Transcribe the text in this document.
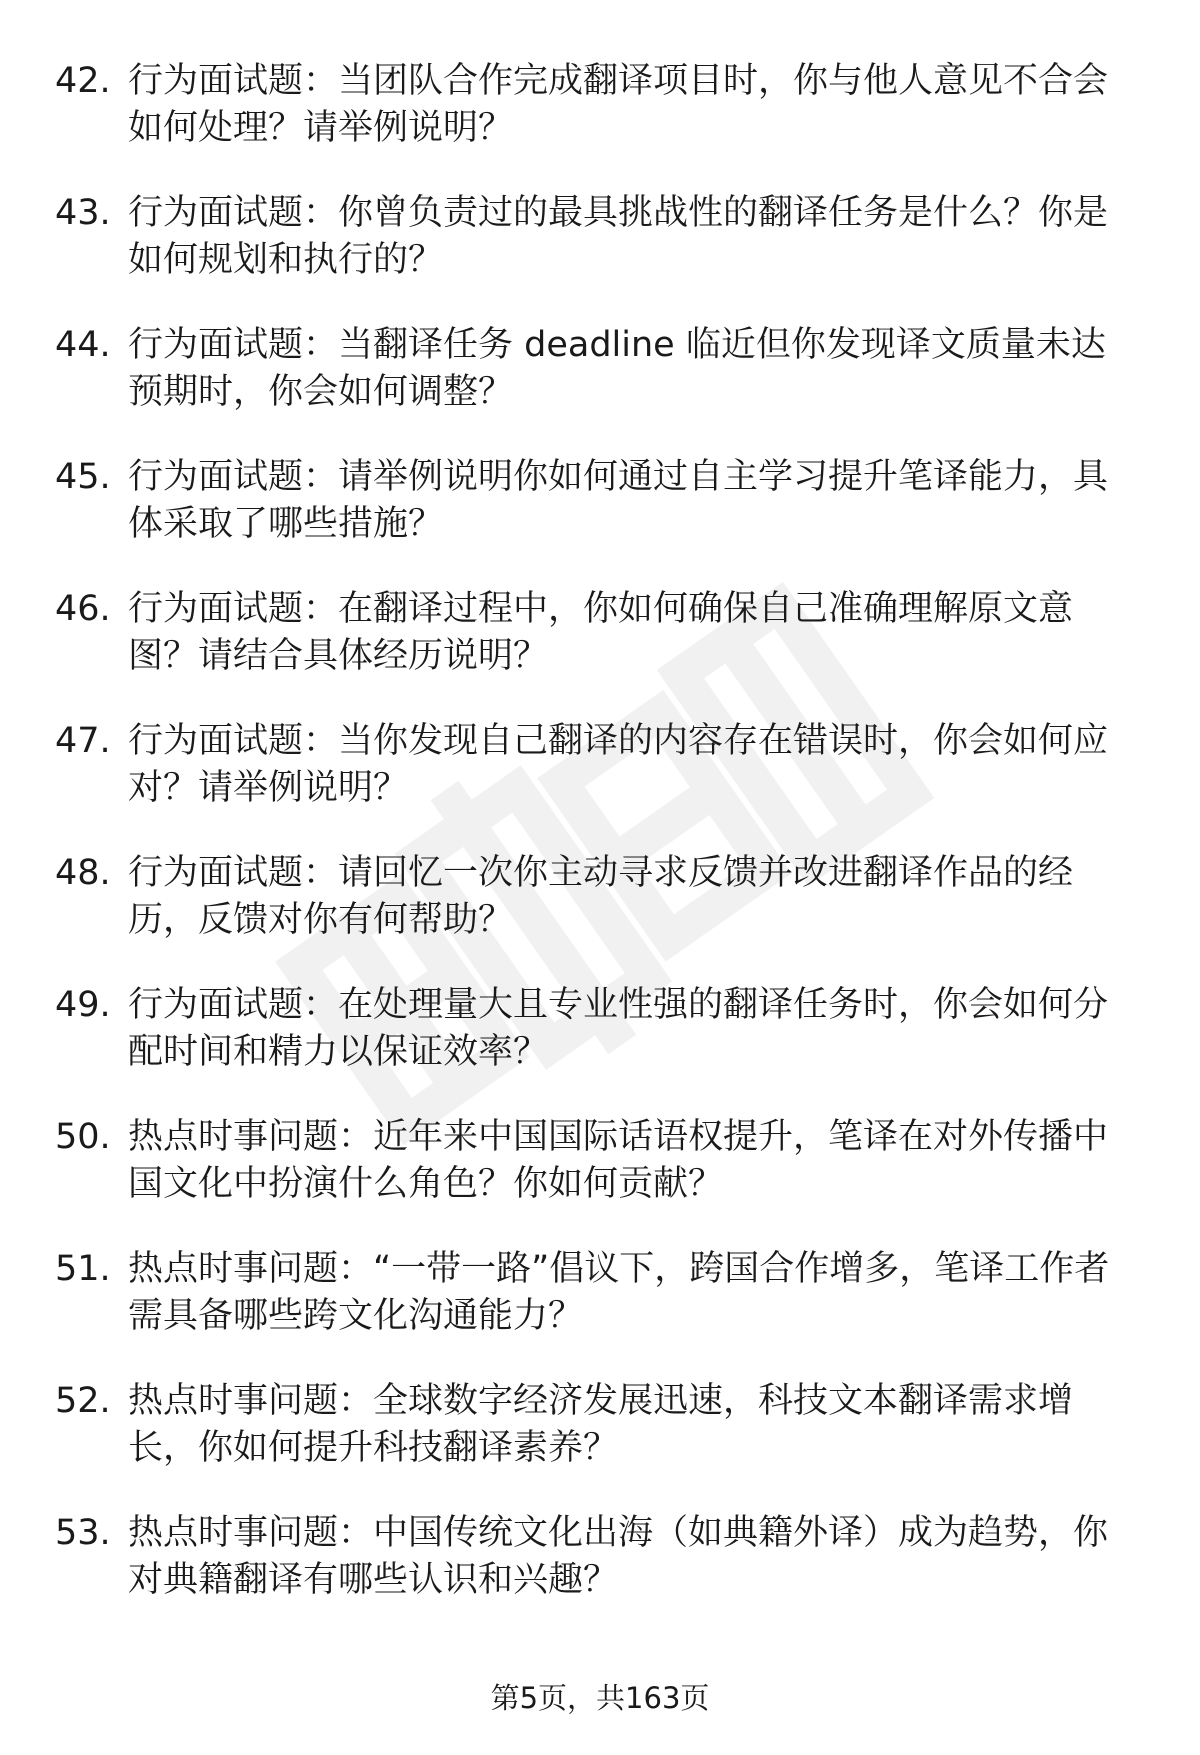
42. 行为面试题：当团队合作完成翻译项目时，你与他人意见不合会如何处理？请举例说明？
43. 行为面试题：你曾负责过的最具挑战性的翻译任务是什么？你是如何规划和执行的？
44. 行为面试题：当翻译任务 deadline 临近但你发现译文质量未达预期时，你会如何调整？
45. 行为面试题：请举例说明你如何通过自主学习提升笔译能力，具体采取了哪些措施？
46. 行为面试题：在翻译过程中，你如何确保自己准确理解原文意图？请结合具体经历说明？
47. 行为面试题：当你发现自己翻译的内容存在错误时，你会如何应对？请举例说明？
48. 行为面试题：请回忆一次你主动寻求反馈并改进翻译作品的经历，反馈对你有何帮助？
49. 行为面试题：在处理量大且专业性强的翻译任务时，你会如何分配时间和精力以保证效率？
50. 热点时事问题：近年来中国国际话语权提升，笔译在对外传播中国文化中扮演什么角色？你如何贡献？
51. 热点时事问题：“一带一路”倡议下，跨国合作增多，笔译工作者需具备哪些跨文化沟通能力？
52. 热点时事问题：全球数字经济发展迅速，科技文本翻译需求增长，你如何提升科技翻译素养？
53. 热点时事问题：中国传统文化出海（如典籍外译）成为趋势，你对典籍翻译有哪些认识和兴趣？
第5页，共163页
